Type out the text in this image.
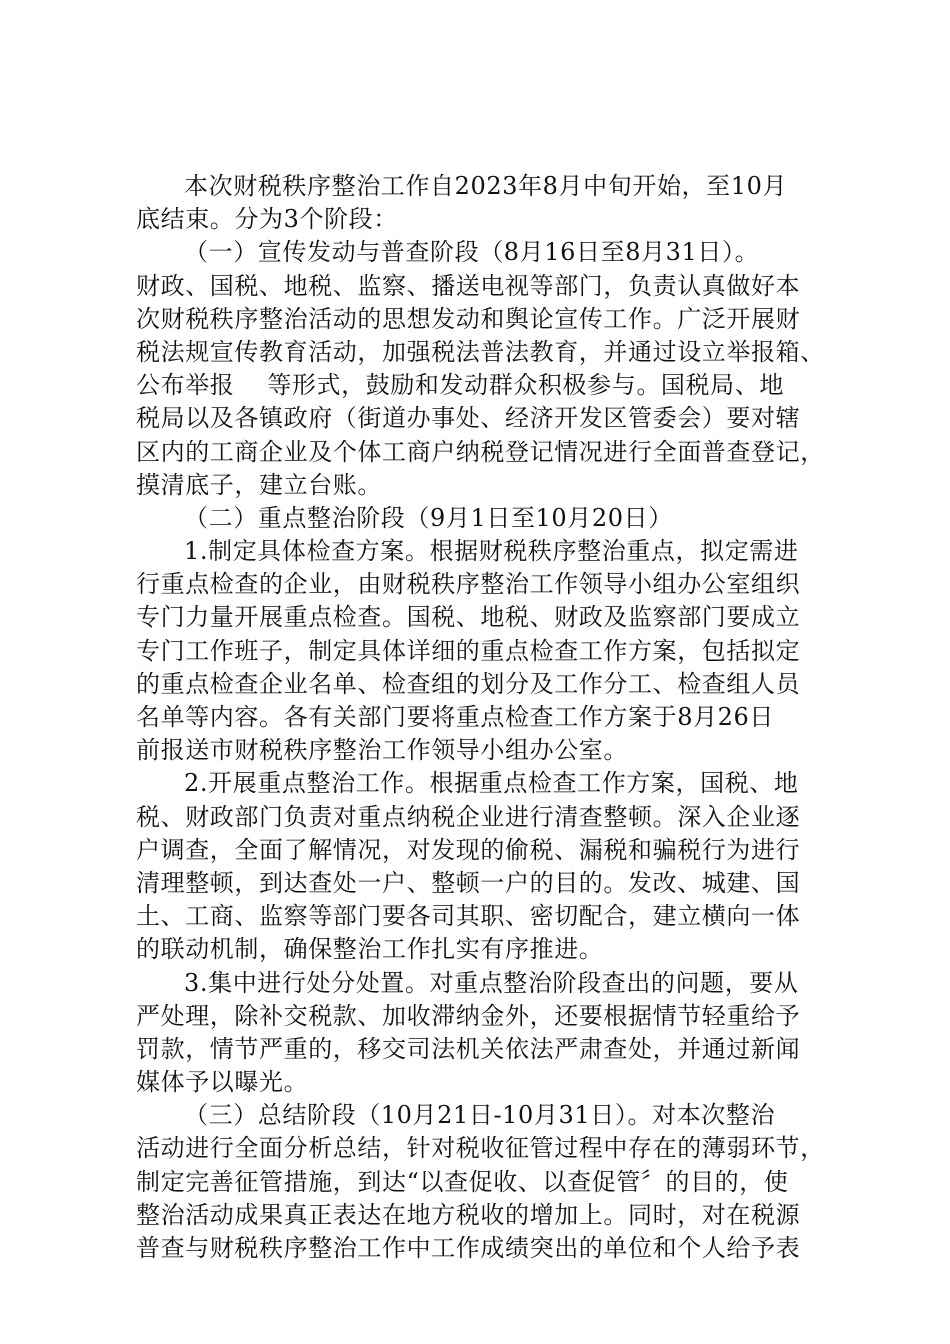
本次财税秩序整治工作自2023年8月中旬开始，至10月
底结束。分为3个阶段：
（一）宣传发动与普查阶段（8月16日至8月31日）。
财政、国税、地税、监察、播送电视等部门，负责认真做好本
次财税秩序整治活动的思想发动和舆论宣传工作。广泛开展财
税法规宣传教育活动，加强税法普法教育，并通过设立举报箱、
公布举报    等形式，鼓励和发动群众积极参与。国税局、地
税局以及各镇政府（街道办事处、经济开发区管委会）要对辖
区内的工商企业及个体工商户纳税登记情况进行全面普查登记，
摸清底子，建立台账。
（二）重点整治阶段（9月1日至10月20日）
1.制定具体检查方案。根据财税秩序整治重点，拟定需进
行重点检查的企业，由财税秩序整治工作领导小组办公室组织
专门力量开展重点检查。国税、地税、财政及监察部门要成立
专门工作班子，制定具体详细的重点检查工作方案，包括拟定
的重点检查企业名单、检查组的划分及工作分工、检查组人员
名单等内容。各有关部门要将重点检查工作方案于8月26日
前报送市财税秩序整治工作领导小组办公室。
2.开展重点整治工作。根据重点检查工作方案，国税、地
税、财政部门负责对重点纳税企业进行清查整顿。深入企业逐
户调查，全面了解情况，对发现的偷税、漏税和骗税行为进行
清理整顿，到达查处一户、整顿一户的目的。发改、城建、国
土、工商、监察等部门要各司其职、密切配合，建立横向一体
的联动机制，确保整治工作扎实有序推进。
3.集中进行处分处置。对重点整治阶段查出的问题，要从
严处理，除补交税款、加收滞纳金外，还要根据情节轻重给予
罚款，情节严重的，移交司法机关依法严肃查处，并通过新闻
媒体予以曝光。
（三）总结阶段（10月21日-10月31日）。对本次整治
活动进行全面分析总结，针对税收征管过程中存在的薄弱环节，
制定完善征管措施，到达“以查促收、以查促管〞的目的，使
整治活动成果真正表达在地方税收的增加上。同时，对在税源
普查与财税秩序整治工作中工作成绩突出的单位和个人给予表
